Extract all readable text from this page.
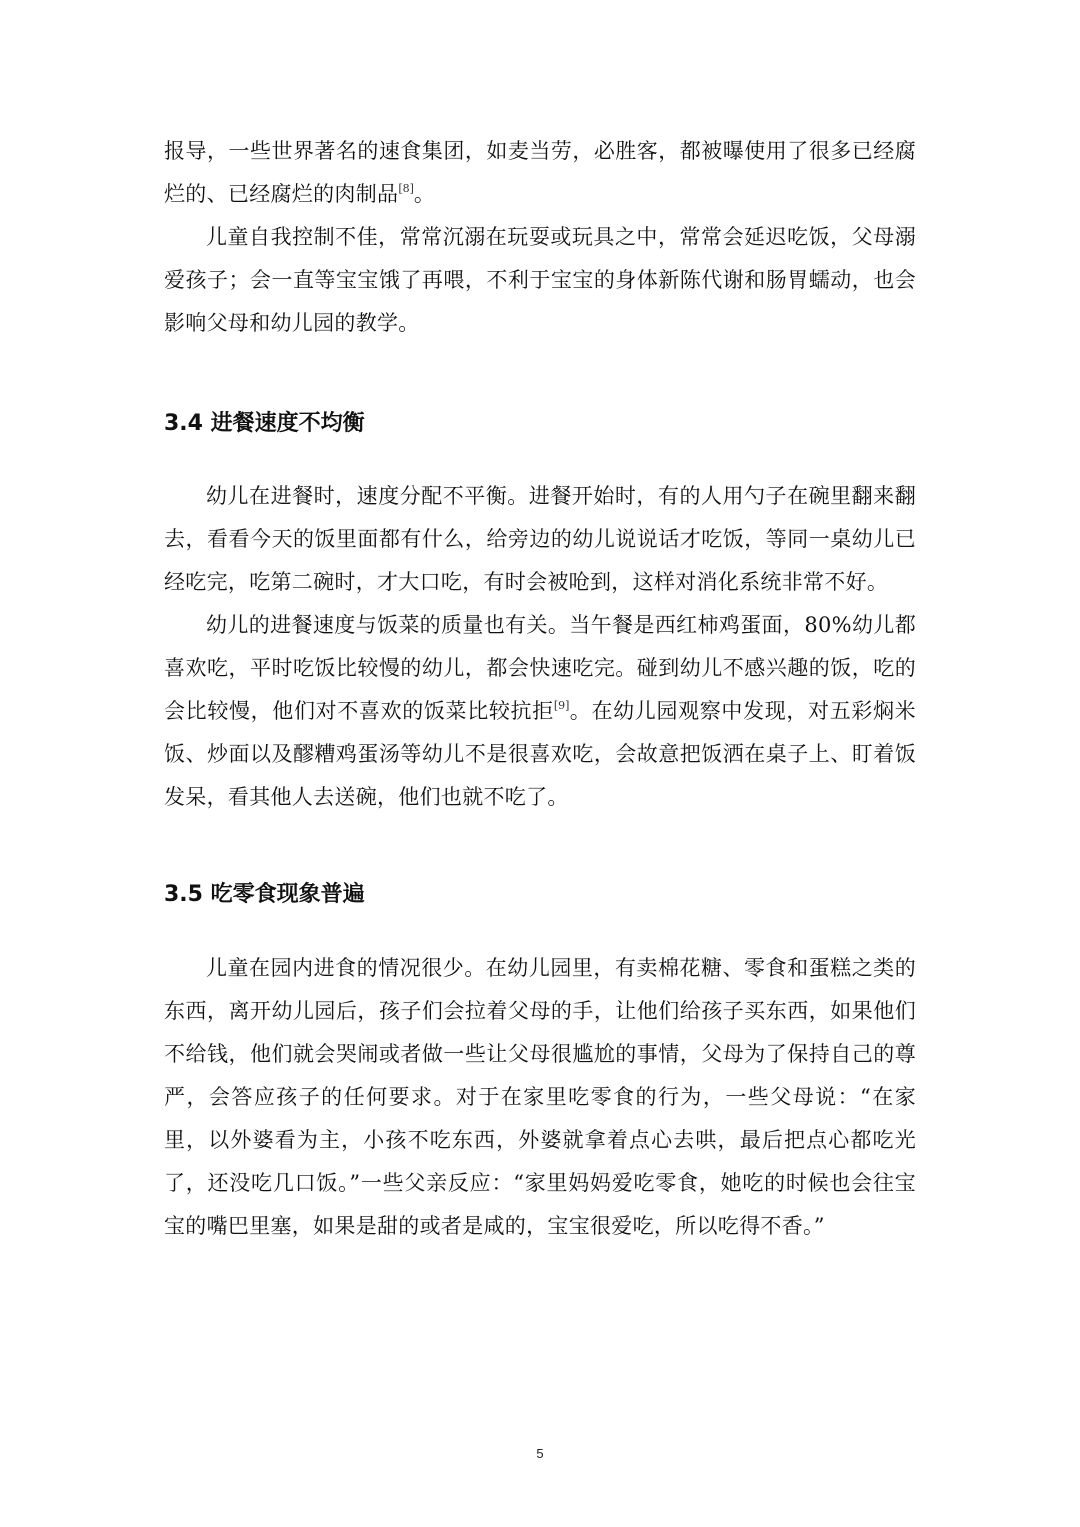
报导，一些世界著名的速食集团，如麦当劳，必胜客，都被曝使用了很多已经腐烂的、已经腐烂的肉制品[8]。

儿童自我控制不佳，常常沉溺在玩耍或玩具之中，常常会延迟吃饭，父母溺爱孩子；会一直等宝宝饿了再喂，不利于宝宝的身体新陈代谢和肠胃蠕动，也会影响父母和幼儿园的教学。

3.4 进餐速度不均衡

幼儿在进餐时，速度分配不平衡。进餐开始时，有的人用勺子在碗里翻来翻去，看看今天的饭里面都有什么，给旁边的幼儿说说话才吃饭，等同一桌幼儿已经吃完，吃第二碗时，才大口吃，有时会被呛到，这样对消化系统非常不好。

幼儿的进餐速度与饭菜的质量也有关。当午餐是西红柿鸡蛋面，80%幼儿都喜欢吃，平时吃饭比较慢的幼儿，都会快速吃完。碰到幼儿不感兴趣的饭，吃的会比较慢，他们对不喜欢的饭菜比较抗拒[9]。在幼儿园观察中发现，对五彩焖米饭、炒面以及醪糟鸡蛋汤等幼儿不是很喜欢吃，会故意把饭洒在桌子上、盯着饭发呆，看其他人去送碗，他们也就不吃了。

3.5 吃零食现象普遍

儿童在园内进食的情况很少。在幼儿园里，有卖棉花糖、零食和蛋糕之类的东西，离开幼儿园后，孩子们会拉着父母的手，让他们给孩子买东西，如果他们不给钱，他们就会哭闹或者做一些让父母很尴尬的事情，父母为了保持自己的尊严，会答应孩子的任何要求。对于在家里吃零食的行为，一些父母说：“在家里，以外婆看为主，小孩不吃东西，外婆就拿着点心去哄，最后把点心都吃光了，还没吃几口饭。”一些父亲反应：“家里妈妈爱吃零食，她吃的时候也会往宝宝的嘴巴里塞，如果是甜的或者是咸的，宝宝很爱吃，所以吃得不香。”

5
